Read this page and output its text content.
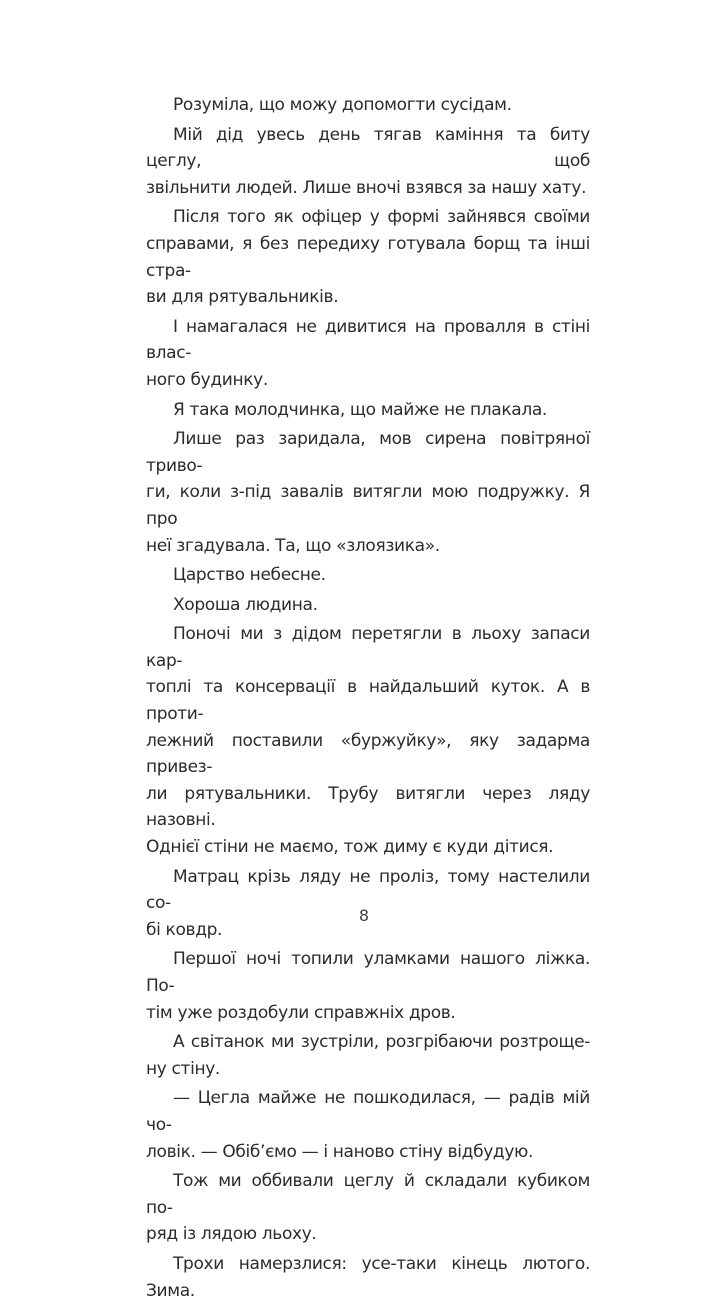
Розуміла, що можу допомогти сусідам.
Мій дід увесь день тягав каміння та биту цеглу, щоб
звільнити людей. Лише вночі взявся за нашу хату.
Після того як офіцер у формі зайнявся своїми
справами, я без передиху готувала борщ та інші стра-
ви для рятувальників.
І намагалася не дивитися на провалля в стіні влас-
ного будинку.
Я така молодчинка, що майже не плакала.
Лише раз заридала, мов сирена повітряної триво-
ги, коли з-під завалів витягли мою подружку. Я про
неї згадувала. Та, що «злоязика».
Царство небесне.
Хороша людина.
Поночі ми з дідом перетягли в льоху запаси кар-
топлі та консервації в найдальший куток. А в проти-
лежний поставили «буржуйку», яку задарма привез-
ли рятувальники. Трубу витягли через ляду назовні.
Однієї стіни не маємо, тож диму є куди дітися.
Матрац крізь ляду не проліз, тому настелили со-
бі ковдр.
Першої ночі топили уламками нашого ліжка. По-
тім уже роздобули справжніх дров.
А світанок ми зустріли, розгрібаючи розтроще-
ну стіну.
— Цегла майже не пошкодилася, — радів мій чо-
ловік. — Обіб’ємо — і наново стіну відбудую.
Тож ми оббивали цеглу й складали кубиком по-
ряд із лядою льоху.
Трохи намерзлися: усе-таки кінець лютого. Зима.
8
